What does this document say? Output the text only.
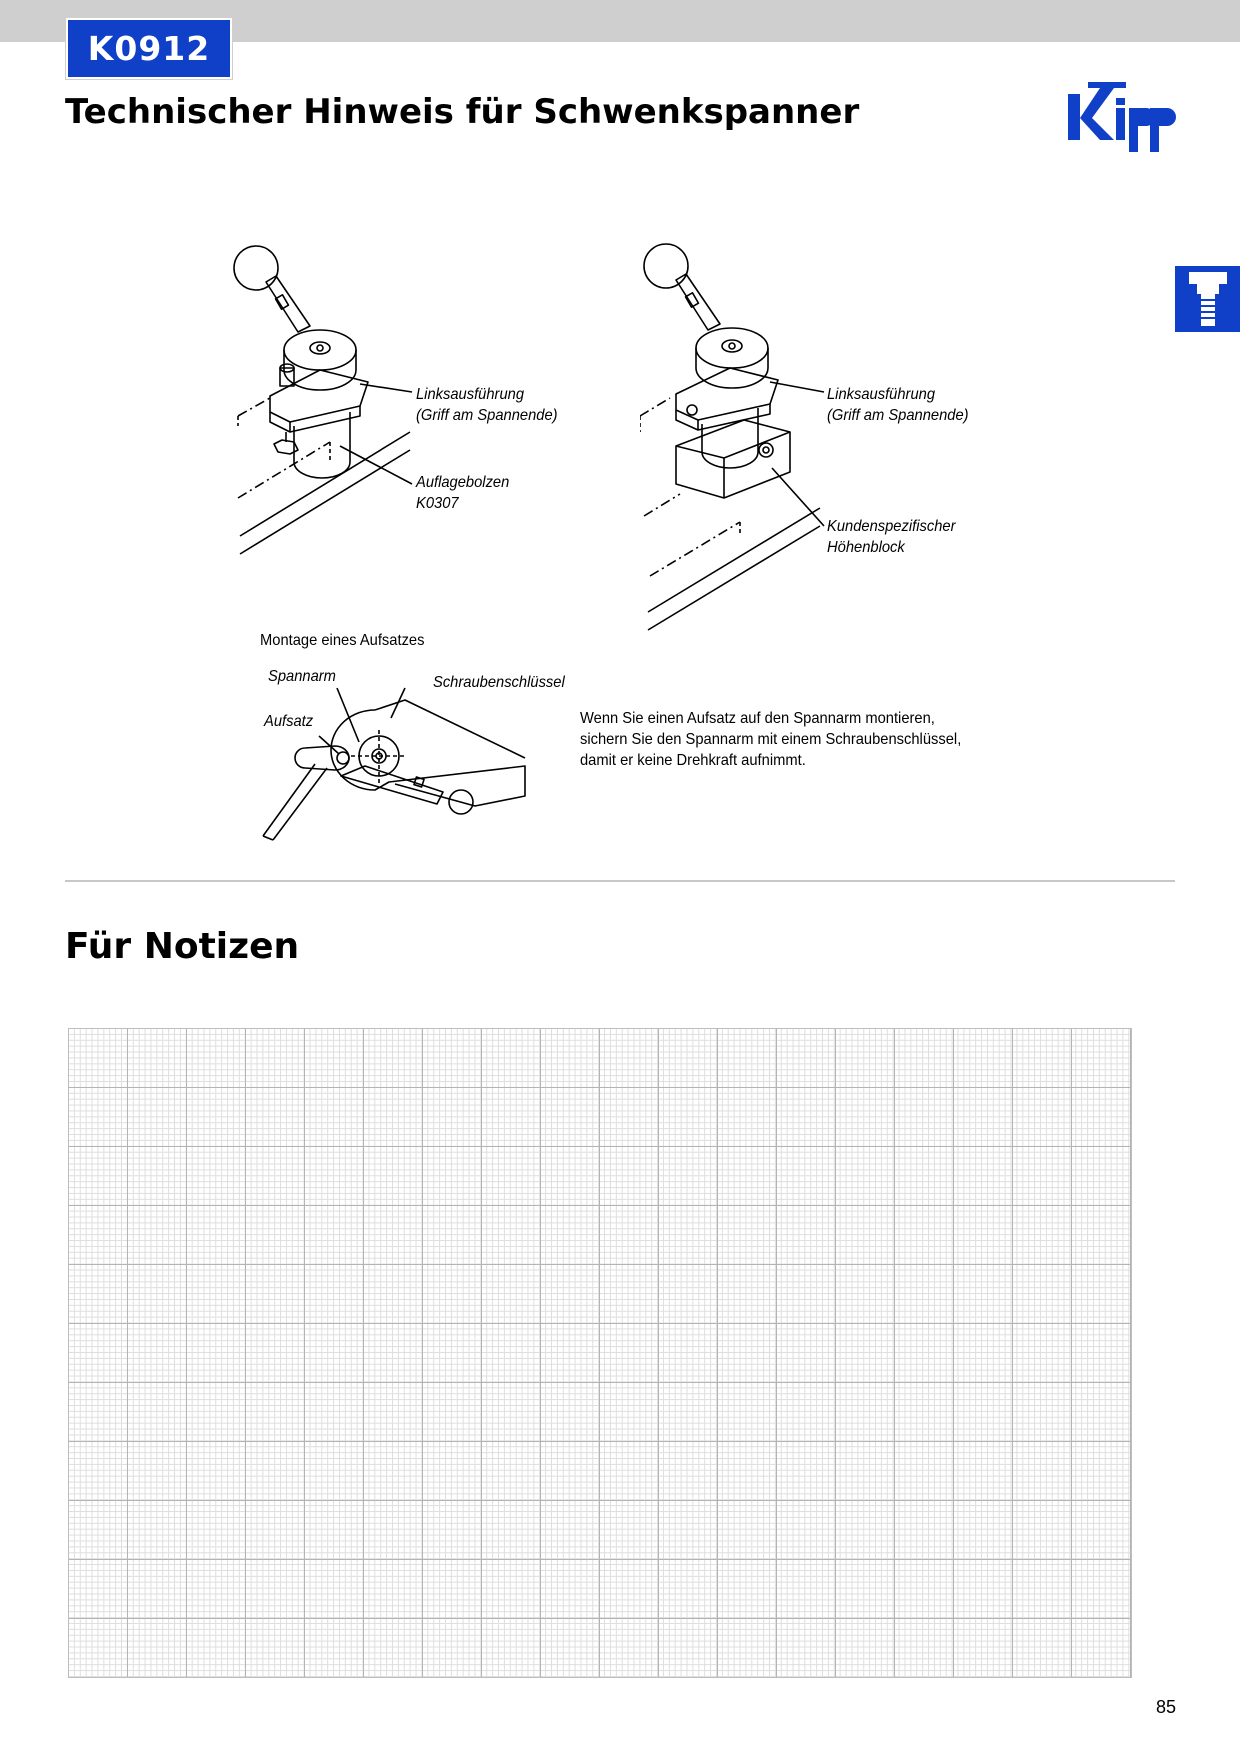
K0912
Technischer Hinweis für Schwenkspanner
Linksausführung
(Griff am Spannende)
Auflagebolzen
K0307
Linksausführung
(Griff am Spannende)
Kundenspezifischer
Höhenblock
Montage eines Aufsatzes
Spannarm	Schraubenschlüssel
Aufsatz	Wenn Sie einen Aufsatz auf den Spannarm montieren,
sichern Sie den Spannarm mit einem Schraubenschlüssel,
damit er keine Drehkraft aufnimmt.
Für Notizen
85
